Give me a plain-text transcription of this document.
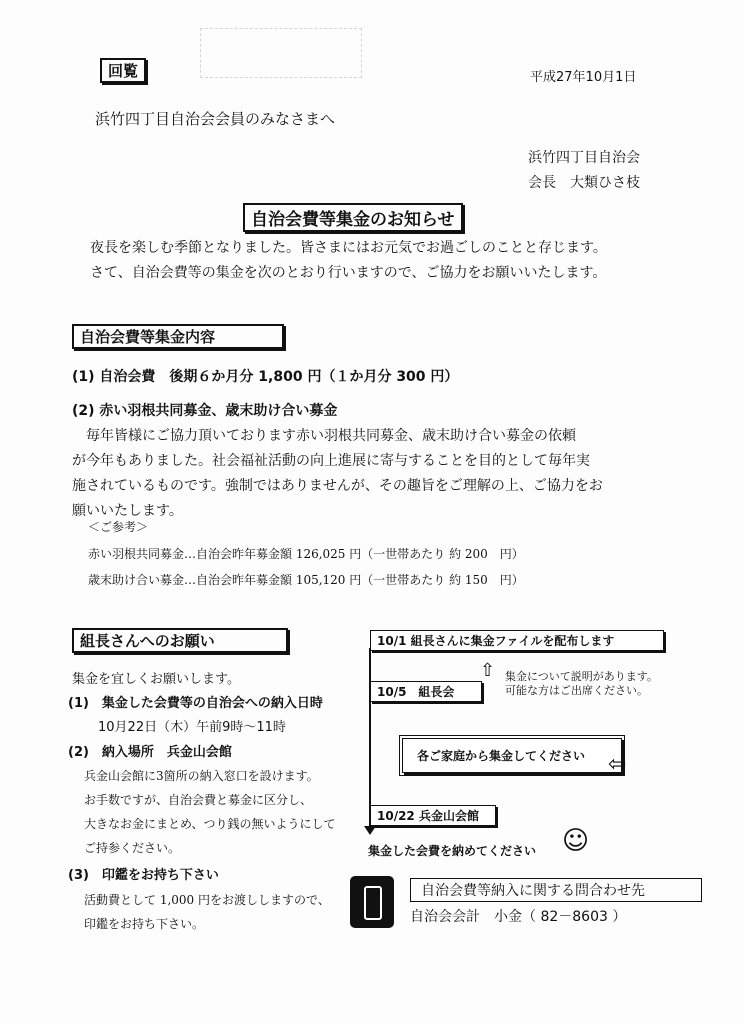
回覧	平成27年10月1日
浜竹四丁目自治会会員のみなさまへ
浜竹四丁目自治会
会長　大類ひさ枝
自治会費等集金のお知らせ
夜長を楽しむ季節となりました。皆さまにはお元気でお過ごしのことと存じます。
さて、自治会費等の集金を次のとおり行いますので、ご協力をお願いいたします。
自治会費等集金内容
(1) 自治会費　後期６か月分 1,800 円（１か月分 300 円）
(2) 赤い羽根共同募金、歳末助け合い募金
　毎年皆様にご協力頂いております赤い羽根共同募金、歳末助け合い募金の依頼
が今年もありました。社会福祉活動の向上進展に寄与することを目的として毎年実
施されているものです。強制ではありませんが、その趣旨をご理解の上、ご協力をお
願いいたします。
＜ご参考＞
赤い羽根共同募金…自治会昨年募金額 126,025 円（一世帯あたり 約 200　円）
歳末助け合い募金…自治会昨年募金額 105,120 円（一世帯あたり 約 150　円）
組長さんへのお願い
集金を宜しくお願いします。
(1)　集金した会費等の自治会への納入日時
10月22日（木）午前9時～11時
(2)　納入場所　兵金山会館
兵金山会館に3箇所の納入窓口を設けます。
お手数ですが、自治会費と募金に区分し、
大きなお金にまとめ、つり銭の無いようにして
ご持参ください。
(3)　印鑑をお持ち下さい
活動費として 1,000 円をお渡ししますので、
印鑑をお持ち下さい。
10/1 組長さんに集金ファイルを配布します
10/5　組長会
⇧ 集金について説明があります。
可能な方はご出席ください。
各ご家庭から集金してください	⇦
10/22 兵金山会館
集金した会費を納めてください ☺
自治会費等納入に関する問合わせ先
自治会会計　小金（ 82－8603 ）
